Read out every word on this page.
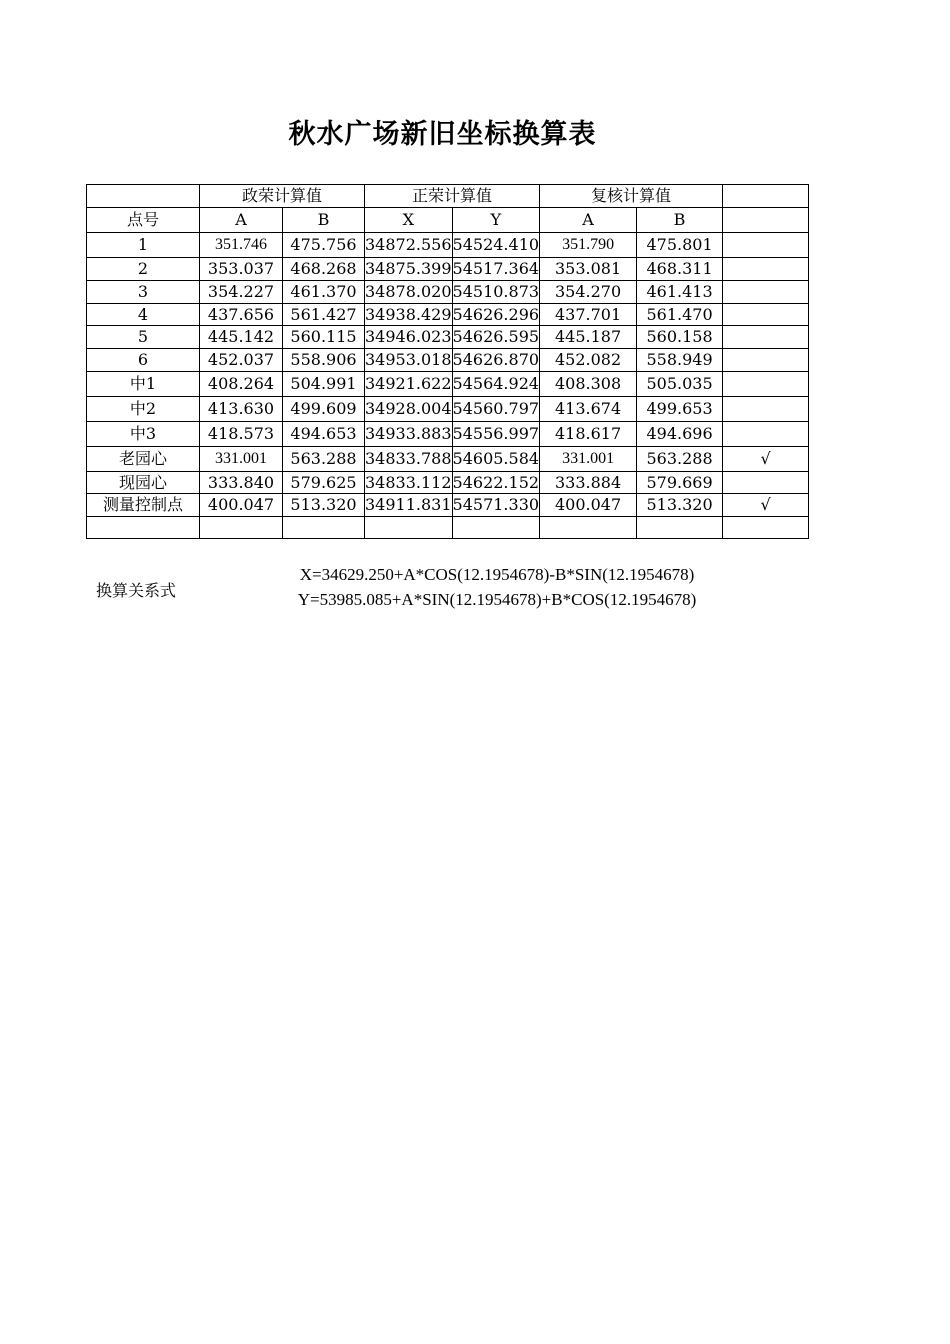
秋水广场新旧坐标换算表
	政荣计算值		正荣计算值		复核计算值		
点号	A	B	X	Y	A	B	
1	351.746	475.756	34872.556	54524.410	351.790	475.801	
2	353.037	468.268	34875.399	54517.364	353.081	468.311	
3	354.227	461.370	34878.020	54510.873	354.270	461.413	
4	437.656	561.427	34938.429	54626.296	437.701	561.470	
5	445.142	560.115	34946.023	54626.595	445.187	560.158	
6	452.037	558.906	34953.018	54626.870	452.082	558.949	
中1	408.264	504.991	34921.622	54564.924	408.308	505.035	
中2	413.630	499.609	34928.004	54560.797	413.674	499.653	
中3	418.573	494.653	34933.883	54556.997	418.617	494.696	
老园心	331.001	563.288	34833.788	54605.584	331.001	563.288	√
现园心	333.840	579.625	34833.112	54622.152	333.884	579.669	
测量控制点	400.047	513.320	34911.831	54571.330	400.047	513.320	√

换算关系式
X=34629.250+A*COS(12.1954678)-B*SIN(12.1954678)
Y=53985.085+A*SIN(12.1954678)+B*COS(12.1954678)
